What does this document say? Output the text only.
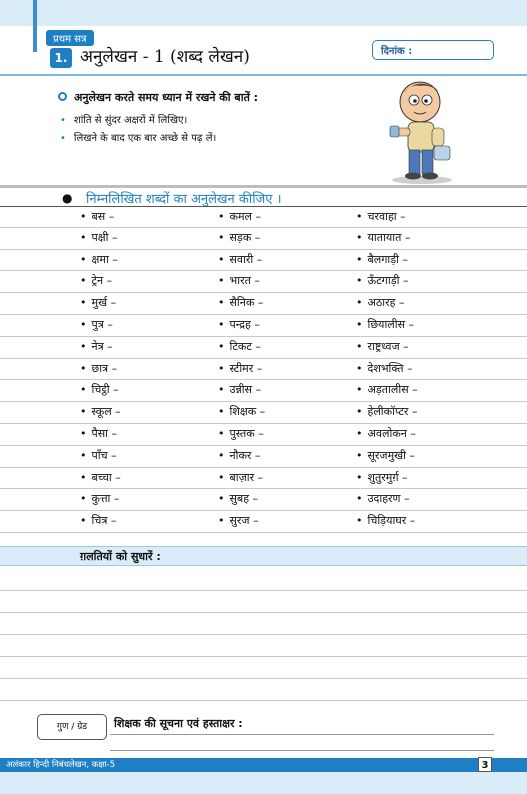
प्रथम सत्र
1. अनुलेखन - 1 (शब्द लेखन)	दिनांक :
अनुलेखन करते समय ध्यान में रखने की बातें :
• शांति से सुंदर अक्षरों में लिखिए।
• लिखने के बाद एक बार अच्छे से पढ़ लें।
● निम्नलिखित शब्दों का अनुलेखन कीजिए ।
• बस –	• कमल –	• चरवाहा –
• पक्षी –	• सड़क –	• यातायात –
• क्षमा –	• सवारी –	• बैलगाड़ी –
• ट्रेन –	• भारत –	• ऊँटगाड़ी –
• मुर्ख –	• सैनिक –	• अठारह –
• पुत्र –	• पन्द्रह –	• छियालीस –
• नेत्र –	• टिकट –	• राष्ट्रध्वज –
• छात्र –	• स्टीमर –	• देशभक्ति –
• चिट्ठी –	• उन्नीस –	• अड़तालीस –
• स्कूल –	• शिक्षक –	• हेलीकॉप्टर –
• पैसा –	• पुस्तक –	• अवलोकन –
• पाँच –	• नौकर –	• सूरजमुखी –
• बच्चा –	• बाज़ार –	• शुतुरमुर्ग़ –
• कुत्ता –	• सुबह –	• उदाहरण –
• चित्र –	• सुरज –	• चिड़ियाघर –
ग़लतियों को सुधारें :
गुण / ग्रेड	शिक्षक की सूचना एवं हस्ताक्षर :
अलंकार हिन्दी निबंधलेखन, कक्षा-5	3
